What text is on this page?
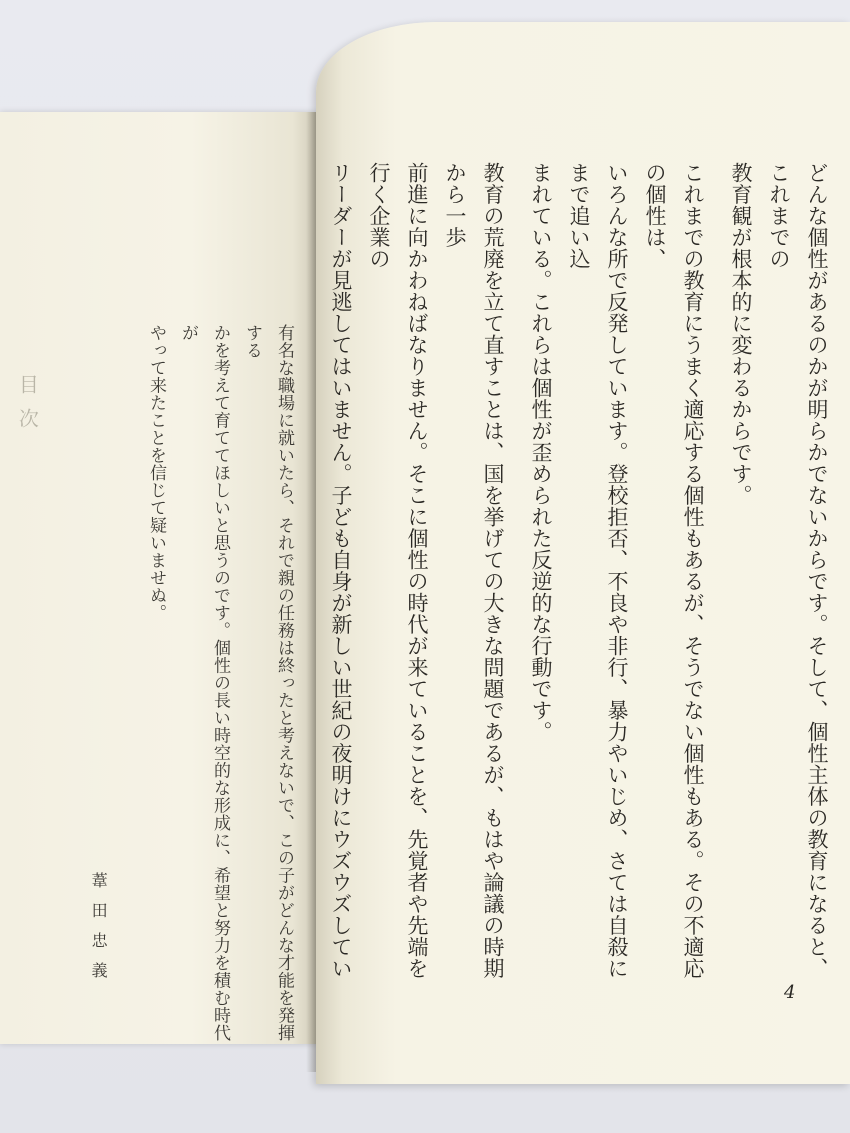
目次	有名な職場に就いたら、それで親の任務は終ったと考えないで、この子がどんな才能を発揮する
かを考えて育ててほしいと思うのです。個性の長い時空的な形成に、希望と努力を積む時代が
やって来たことを信じて疑いませぬ。
葦田忠義	どんな個性があるのかが明らかでないからです。そして、個性主体の教育になると、これまでの
教育観が根本的に変わるからです。
これまでの教育にうまく適応する個性もあるが、そうでない個性もある。その不適応の個性は、
いろんな所で反発しています。登校拒否、不良や非行、暴力やいじめ、さては自殺にまで追い込
まれている。これらは個性が歪められた反逆的な行動です。
教育の荒廃を立て直すことは、国を挙げての大きな問題であるが、もはや論議の時期から一歩
前進に向かわねばなりません。そこに個性の時代が来ていることを、先覚者や先端を行く企業の
リーダーが見逃してはいません。子ども自身が新しい世紀の夜明けにウズウズしてい
4
